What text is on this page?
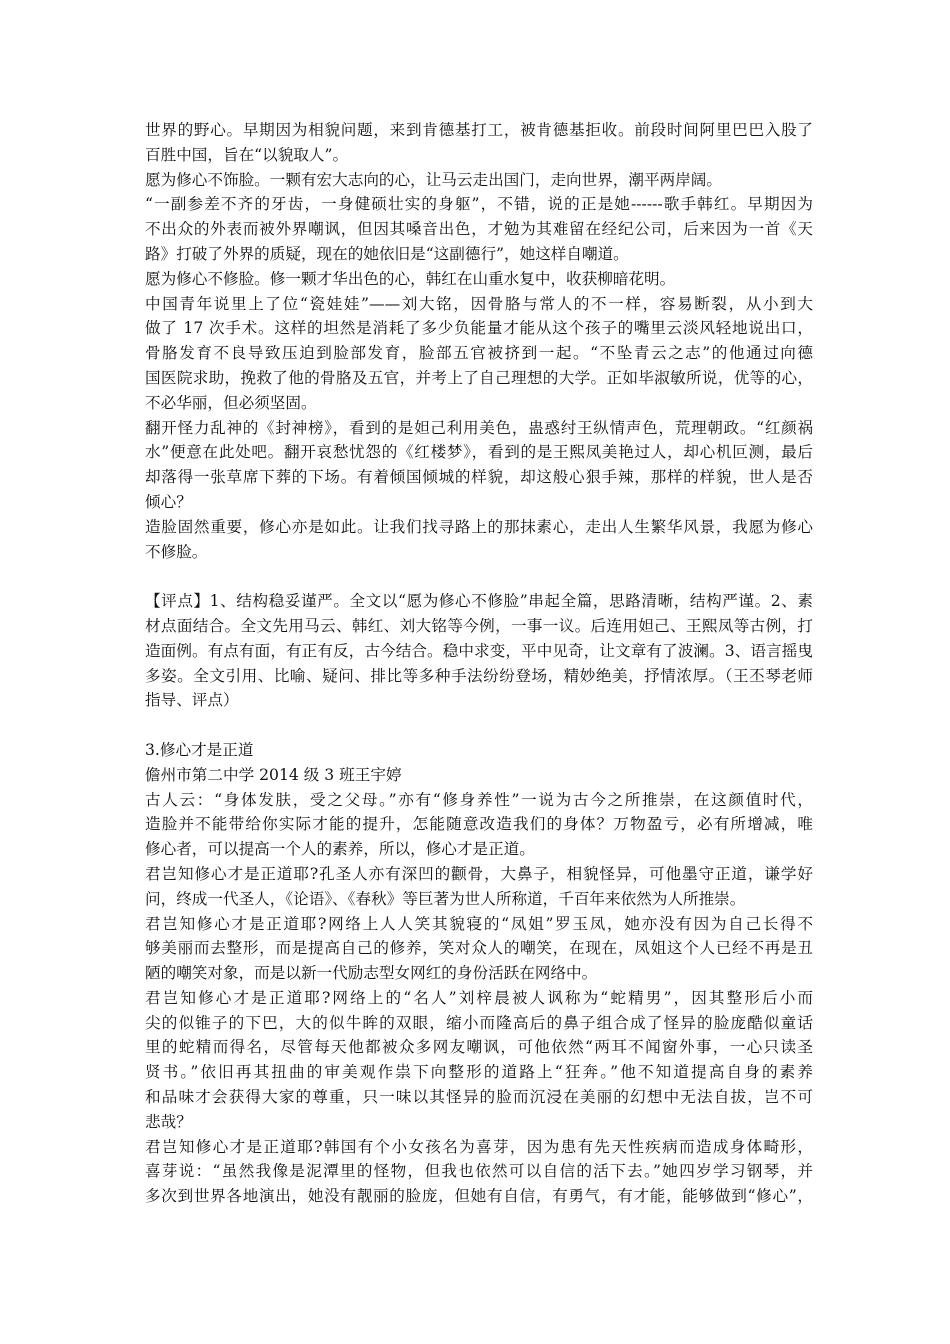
世界的野心。早期因为相貌问题，来到肯德基打工，被肯德基拒收。前段时间阿里巴巴入股了
百胜中国，旨在“以貌取人”。
愿为修心不饰脸。一颗有宏大志向的心，让马云走出国门，走向世界，潮平两岸阔。
“一副参差不齐的牙齿，一身健硕壮实的身躯”，不错，说的正是她------歌手韩红。早期因为
不出众的外表而被外界嘲讽，但因其嗓音出色，才勉为其难留在经纪公司，后来因为一首《天
路》打破了外界的质疑，现在的她依旧是“这副德行”，她这样自嘲道。
愿为修心不修脸。修一颗才华出色的心，韩红在山重水复中，收获柳暗花明。
中国青年说里上了位“瓷娃娃”——刘大铭，因骨胳与常人的不一样，容易断裂，从小到大
做了 17 次手术。这样的坦然是消耗了多少负能量才能从这个孩子的嘴里云淡风轻地说出口，
骨胳发育不良导致压迫到脸部发育，脸部五官被挤到一起。“不坠青云之志”的他通过向德
国医院求助，挽救了他的骨胳及五官，并考上了自己理想的大学。正如毕淑敏所说，优等的心，
不必华丽，但必须坚固。
翻开怪力乱神的《封神榜》，看到的是妲己利用美色，蛊惑纣王纵情声色，荒理朝政。“红颜祸
水”便意在此处吧。翻开哀愁忧怨的《红楼梦》，看到的是王熙凤美艳过人，却心机叵测，最后
却落得一张草席下葬的下场。有着倾国倾城的样貌，却这般心狠手辣，那样的样貌，世人是否
倾心？
造脸固然重要，修心亦是如此。让我们找寻路上的那抹素心，走出人生繁华风景，我愿为修心
不修脸。
【评点】1、结构稳妥谨严。全文以“愿为修心不修脸”串起全篇，思路清晰，结构严谨。2、素
材点面结合。全文先用马云、韩红、刘大铭等今例，一事一议。后连用妲己、王熙凤等古例，打
造面例。有点有面，有正有反，古今结合。稳中求变，平中见奇，让文章有了波澜。3、语言摇曳
多姿。全文引用、比喻、疑问、排比等多种手法纷纷登场，精妙绝美，抒情浓厚。（王丕琴老师
指导、评点）
3.修心才是正道
儋州市第二中学 2014 级 3 班王宇婷
古人云：“身体发肤，受之父母。”亦有“修身养性”一说为古今之所推崇，在这颜值时代，
造脸并不能带给你实际才能的提升，怎能随意改造我们的身体？万物盈亏，必有所增减，唯
修心者，可以提高一个人的素养，所以，修心才是正道。
君岂知修心才是正道耶?孔圣人亦有深凹的颧骨，大鼻子，相貌怪异，可他墨守正道，谦学好
问，终成一代圣人，《论语》、《春秋》等巨著为世人所称道，千百年来依然为人所推崇。
君岂知修心才是正道耶?网络上人人笑其貌寝的“凤姐”罗玉凤，她亦没有因为自己长得不
够美丽而去整形，而是提高自己的修养，笑对众人的嘲笑，在现在，凤姐这个人已经不再是丑
陋的嘲笑对象，而是以新一代励志型女网红的身份活跃在网络中。
君岂知修心才是正道耶?网络上的“名人”刘梓晨被人讽称为“蛇精男”，因其整形后小而
尖的似锥子的下巴，大的似牛眸的双眼，缩小而隆高后的鼻子组合成了怪异的脸庞酷似童话
里的蛇精而得名，尽管每天他都被众多网友嘲讽，可他依然“两耳不闻窗外事，一心只读圣
贤书。”依旧再其扭曲的审美观作祟下向整形的道路上“狂奔。”他不知道提高自身的素养
和品味才会获得大家的尊重，只一味以其怪异的脸而沉浸在美丽的幻想中无法自拔，岂不可
悲哉？
君岂知修心才是正道耶?韩国有个小女孩名为喜芽，因为患有先天性疾病而造成身体畸形，
喜芽说：“虽然我像是泥潭里的怪物，但我也依然可以自信的活下去。”她四岁学习钢琴，并
多次到世界各地演出，她没有靓丽的脸庞，但她有自信，有勇气，有才能，能够做到“修心”，
